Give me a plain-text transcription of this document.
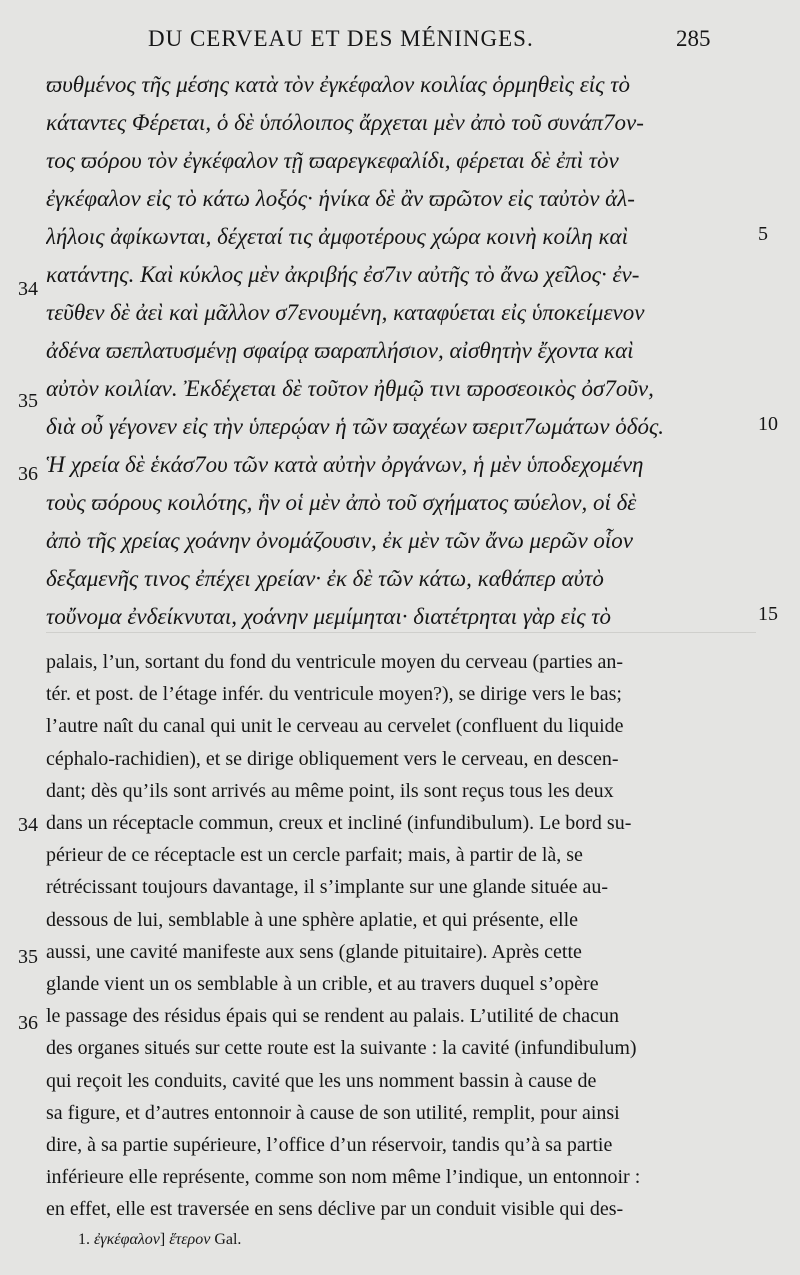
DU CERVEAU ET DES MÉNINGES.	285
ϖυθμένος τῆς μέσης κατὰ τὸν ἐγκέφαλον κοιλίας ὁρμηθεὶς εἰς τὸ
κάταντες Φέρεται, ὁ δὲ ὑπόλοιπος ἄρχεται μὲν ἀπὸ τοῦ συνάπ7ον-
τος ϖόρου τὸν ἐγκέφαλον τῇ ϖαρεγκεφαλίδι, φέρεται δὲ ἐπὶ τὸν
ἐγκέφαλον εἰς τὸ κάτω λοξός· ἡνίκα δὲ ἂν ϖρῶτον εἰς ταὐτὸν ἀλ-
λήλοις ἀφίκωνται, δέχεταί τις ἀμφοτέρους χώρα κοινὴ κοίλη καὶ
κατάντης. Καὶ κύκλος μὲν ἀκριβής ἐσ7ιν αὐτῆς τὸ ἄνω χεῖλος· ἐν-
τεῦθεν δὲ ἀεὶ καὶ μᾶλλον σ7ενουμένη, καταφύεται εἰς ὑποκείμενον
ἀδένα ϖεπλατυσμένῃ σφαίρᾳ ϖαραπλήσιον, αἰσθητὴν ἔχοντα καὶ
αὐτὸν κοιλίαν. Ἐκδέχεται δὲ τοῦτον ἠθμῷ τινι ϖροσεοικὸς ὀσ7οῦν,
διὰ οὗ γέγονεν εἰς τὴν ὑπερῴαν ἡ τῶν ϖαχέων ϖεριτ7ωμάτων ὁδός.
Ἡ χρεία δὲ ἑκάσ7ου τῶν κατὰ αὐτὴν ὀργάνων, ἡ μὲν ὑποδεχομένη
τοὺς ϖόρους κοιλότης, ἣν οἱ μὲν ἀπὸ τοῦ σχήματος ϖύελον, οἱ δὲ
ἀπὸ τῆς χρείας χοάνην ὀνομάζουσιν, ἐκ μὲν τῶν ἄνω μερῶν οἷον
δεξαμενῆς τινος ἐπέχει χρείαν· ἐκ δὲ τῶν κάτω, καθάπερ αὐτὸ
τοὔνομα ἐνδείκνυται, χοάνην μεμίμηται· διατέτρηται γὰρ εἰς τὸ
34
35
36
5
10
15
palais, l’un, sortant du fond du ventricule moyen du cerveau (parties an-
tér. et post. de l’étage infér. du ventricule moyen?), se dirige vers le bas;
l’autre naît du canal qui unit le cerveau au cervelet (confluent du liquide
céphalo-rachidien), et se dirige obliquement vers le cerveau, en descen-
dant; dès qu’ils sont arrivés au même point, ils sont reçus tous les deux
dans un réceptacle commun, creux et incliné (infundibulum). Le bord su-
périeur de ce réceptacle est un cercle parfait; mais, à partir de là, se
rétrécissant toujours davantage, il s’implante sur une glande située au-
dessous de lui, semblable à une sphère aplatie, et qui présente, elle
aussi, une cavité manifeste aux sens (glande pituitaire). Après cette
glande vient un os semblable à un crible, et au travers duquel s’opère
le passage des résidus épais qui se rendent au palais. L’utilité de chacun
des organes situés sur cette route est la suivante : la cavité (infundibulum)
qui reçoit les conduits, cavité que les uns nomment bassin à cause de
sa figure, et d’autres entonnoir à cause de son utilité, remplit, pour ainsi
dire, à sa partie supérieure, l’office d’un réservoir, tandis qu’à sa partie
inférieure elle représente, comme son nom même l’indique, un entonnoir :
en effet, elle est traversée en sens déclive par un conduit visible qui des-
34
35
36
1. ἐγκέφαλον] ἕτερον Gal.
